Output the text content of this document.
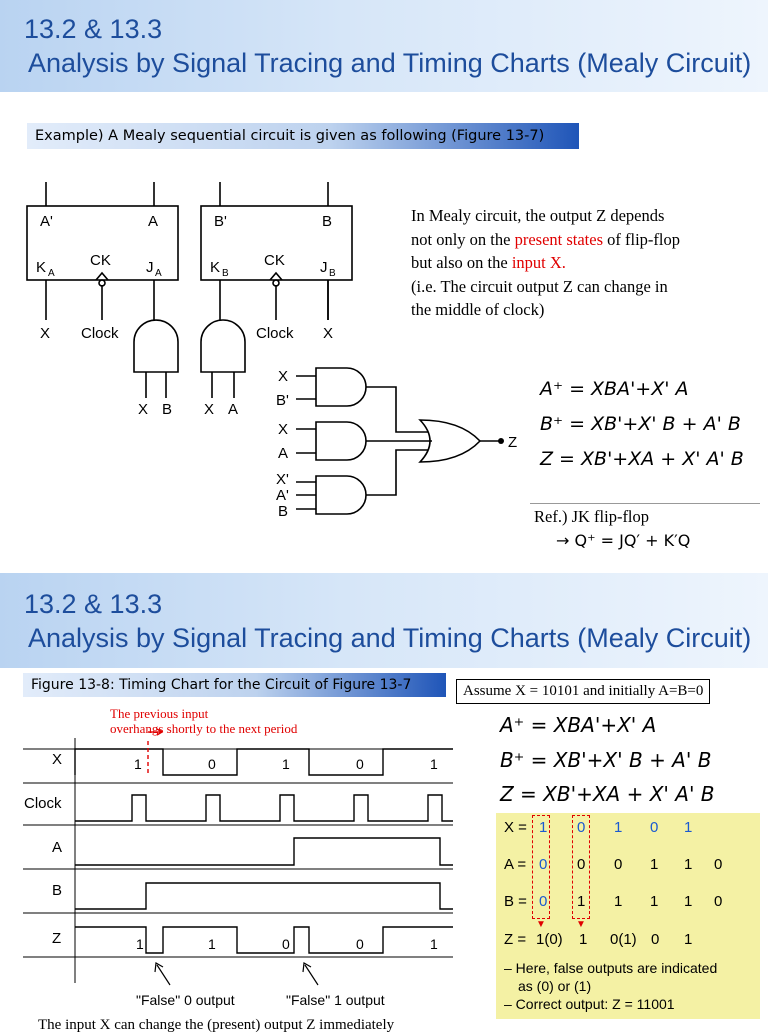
13.2 & 13.3
Analysis by Signal Tracing and Timing Charts (Mealy Circuit)
Example) A Mealy sequential circuit is given as following (Figure 13-7)
A'	A
CK
K A	J A
X Clock
B'	B
CK
K B	J B
Clock X
X B X A
X
B'
X
A
X'
A'
B
Z
In Mealy circuit, the output Z depends
not only on the present states of flip-flop
but also on the input X.
(i.e. The circuit output Z can change in
the middle of clock)
A⁺ = XBA'+X' A
B⁺ = XB'+X' B + A' B
Z = XB'+XA + X' A' B
Ref.) JK flip-flop
→ Q⁺ = JQ′ + K′Q
13.2 & 13.3
Analysis by Signal Tracing and Timing Charts (Mealy Circuit)
Figure 13-8: Timing Chart for the Circuit of Figure 13-7	Assume X = 10101 and initially A=B=0
X
Clock
A
B
Z
1	0	1	0	1
1	1	0	0	1
"False" 0 output	"False" 1 output
The previous input
overhangs shortly to the next period	A⁺ = XBA'+X' A
B⁺ = XB'+X' B + A' B
Z = XB'+XA + X' A' B
X = 1 0 1 0 1
A = 0 0 0 1 1 0
B = 0 1 1 1 1 0
Z = 1(0) 1 0(1) 0 1
▼	▼
– Here, false outputs are indicated
as (0) or (1)
– Correct output: Z = 11001
The input X can change the (present) output Z immediately
